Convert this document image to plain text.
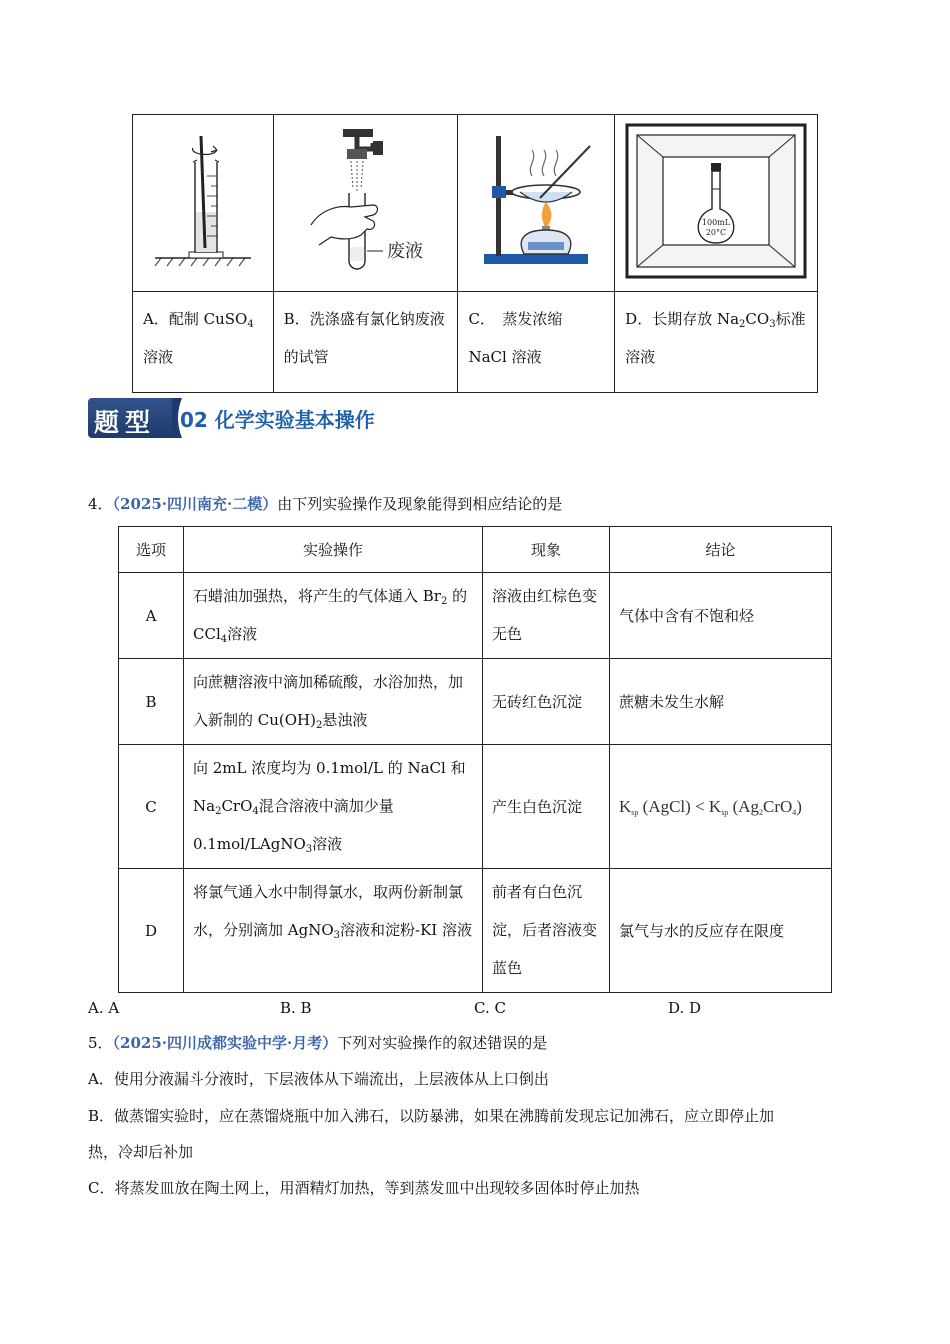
废液		100mL
20°C

A．配制 CuSO$_4$溶液	B．洗涤盛有氯化钠废液的试管	C．　蒸发浓缩 NaCl 溶液	D．长期存放 $Na_2CO_3$标准溶液
题型 02 化学实验基本操作
4．（2025·四川南充·二模）由下列实验操作及现象能得到相应结论的是
选项	实验操作	现象	结论
A	石蜡油加强热，将产生的气体通入 $Br_2$ 的 CCl$_4$溶液	溶液由红棕色变无色	气体中含有不饱和烃
B	向蔗糖溶液中滴加稀硫酸，水浴加热，加入新制的 $Cu(OH)_2$悬浊液	无砖红色沉淀	蔗糖未发生水解
C	向 2mL 浓度均为 0.1mol/L 的 NaCl 和 $Na_2CrO_4$混合溶液中滴加少量 0.1mol/LAgNO$_3$溶液	产生白色沉淀	$K_{sp}$ (AgCl) < $K_{sp}$ $(Ag_2CrO_4)$
D	将氯气通入水中制得氯水，取两份新制氯水，分别滴加 AgNO$_3$溶液和淀粉-KI 溶液	前者有白色沉淀，后者溶液变蓝色	氯气与水的反应存在限度
A. A	B. B	C. C	D. D
5．（2025·四川成都实验中学·月考）下列对实验操作的叙述错误的是
A．使用分液漏斗分液时，下层液体从下端流出，上层液体从上口倒出
B．做蒸馏实验时，应在蒸馏烧瓶中加入沸石，以防暴沸，如果在沸腾前发现忘记加沸石，应立即停止加
热，冷却后补加
C．将蒸发皿放在陶土网上，用酒精灯加热，等到蒸发皿中出现较多固体时停止加热
